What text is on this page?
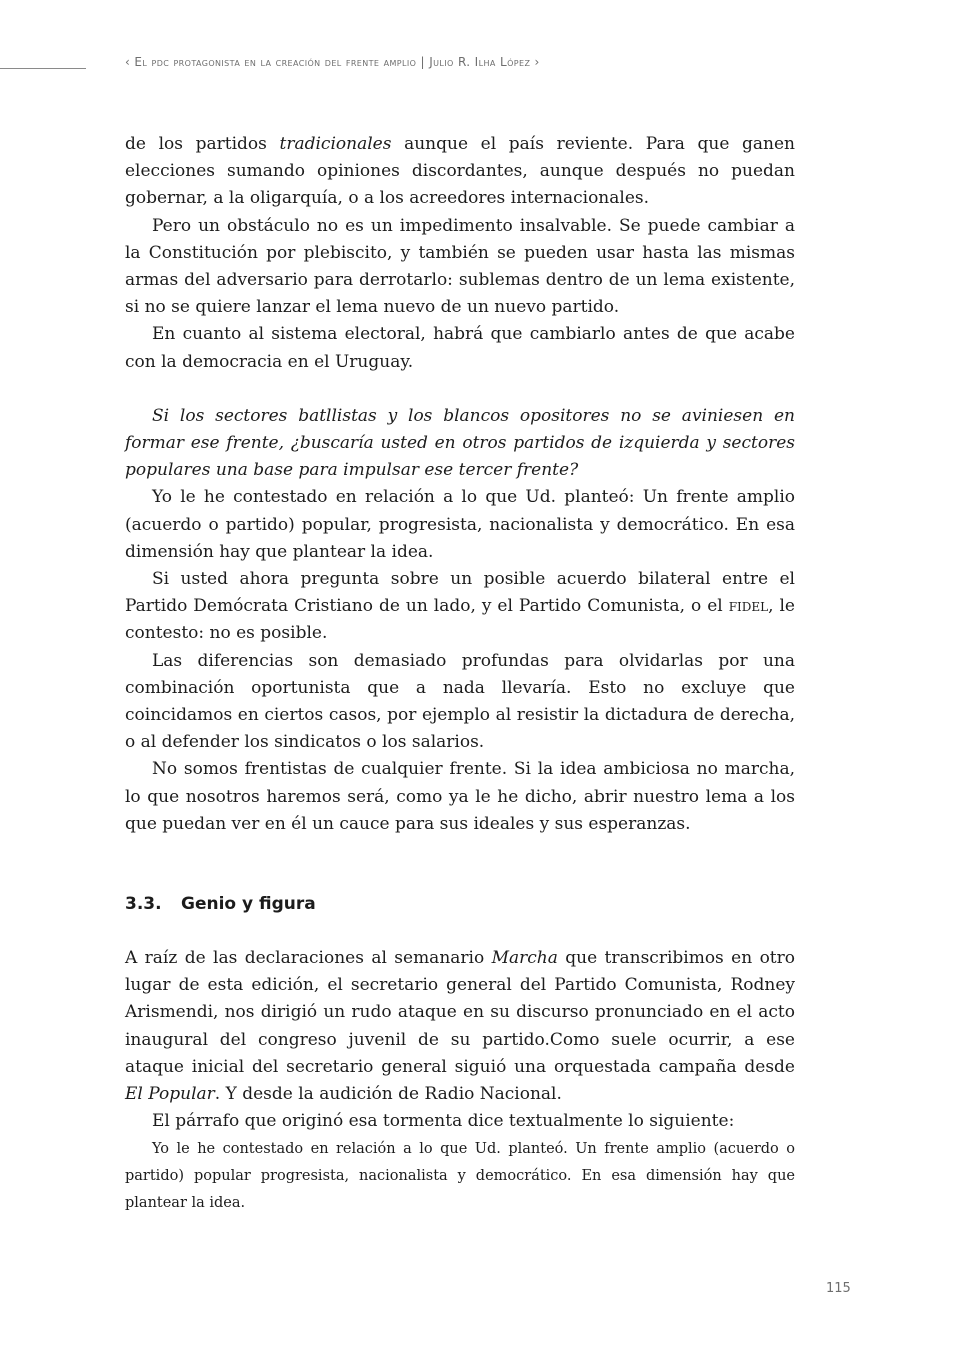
‹ El pdc protagonista en la creación del frente amplio | Julio R. Ilha López ›

de los partidos tradicionales aunque el país reviente. Para que ganen elecciones sumando opiniones discordantes, aunque después no puedan gobernar, a la oligarquía, o a los acreedores internacionales.

Pero un obstáculo no es un impedimento insalvable. Se puede cambiar a la Constitución por plebiscito, y también se pueden usar hasta las mismas armas del adversario para derrotarlo: sublemas dentro de un lema existente, si no se quiere lanzar el lema nuevo de un nuevo partido.

En cuanto al sistema electoral, habrá que cambiarlo antes de que acabe con la democracia en el Uruguay.

Si los sectores batllistas y los blancos opositores no se aviniesen en formar ese frente, ¿buscaría usted en otros partidos de izquierda y sectores populares una base para impulsar ese tercer frente?

Yo le he contestado en relación a lo que Ud. planteó: Un frente amplio (acuerdo o partido) popular, progresista, nacionalista y democrático. En esa dimensión hay que plantear la idea.

Si usted ahora pregunta sobre un posible acuerdo bilateral entre el Partido Demócrata Cristiano de un lado, y el Partido Comunista, o el fidel, le contesto: no es posible.

Las diferencias son demasiado profundas para olvidarlas por una combinación oportunista que a nada llevaría. Esto no excluye que coincidamos en ciertos casos, por ejemplo al resistir la dictadura de derecha, o al defender los sindicatos o los salarios.

No somos frentistas de cualquier frente. Si la idea ambiciosa no marcha, lo que nosotros haremos será, como ya le he dicho, abrir nuestro lema a los que puedan ver en él un cauce para sus ideales y sus esperanzas.

3.3. Genio y figura

A raíz de las declaraciones al semanario Marcha que transcribimos en otro lugar de esta edición, el secretario general del Partido Comunista, Rodney Arismendi, nos dirigió un rudo ataque en su discurso pronunciado en el acto inaugural del congreso juvenil de su partido.Como suele ocurrir, a ese ataque inicial del secretario general siguió una orquestada campaña desde El Popular. Y desde la audición de Radio Nacional.

El párrafo que originó esa tormenta dice textualmente lo siguiente:

Yo le he contestado en relación a lo que Ud. planteó. Un frente amplio (acuerdo o partido) popular progresista, nacionalista y democrático. En esa dimensión hay que plantear la idea.

115
